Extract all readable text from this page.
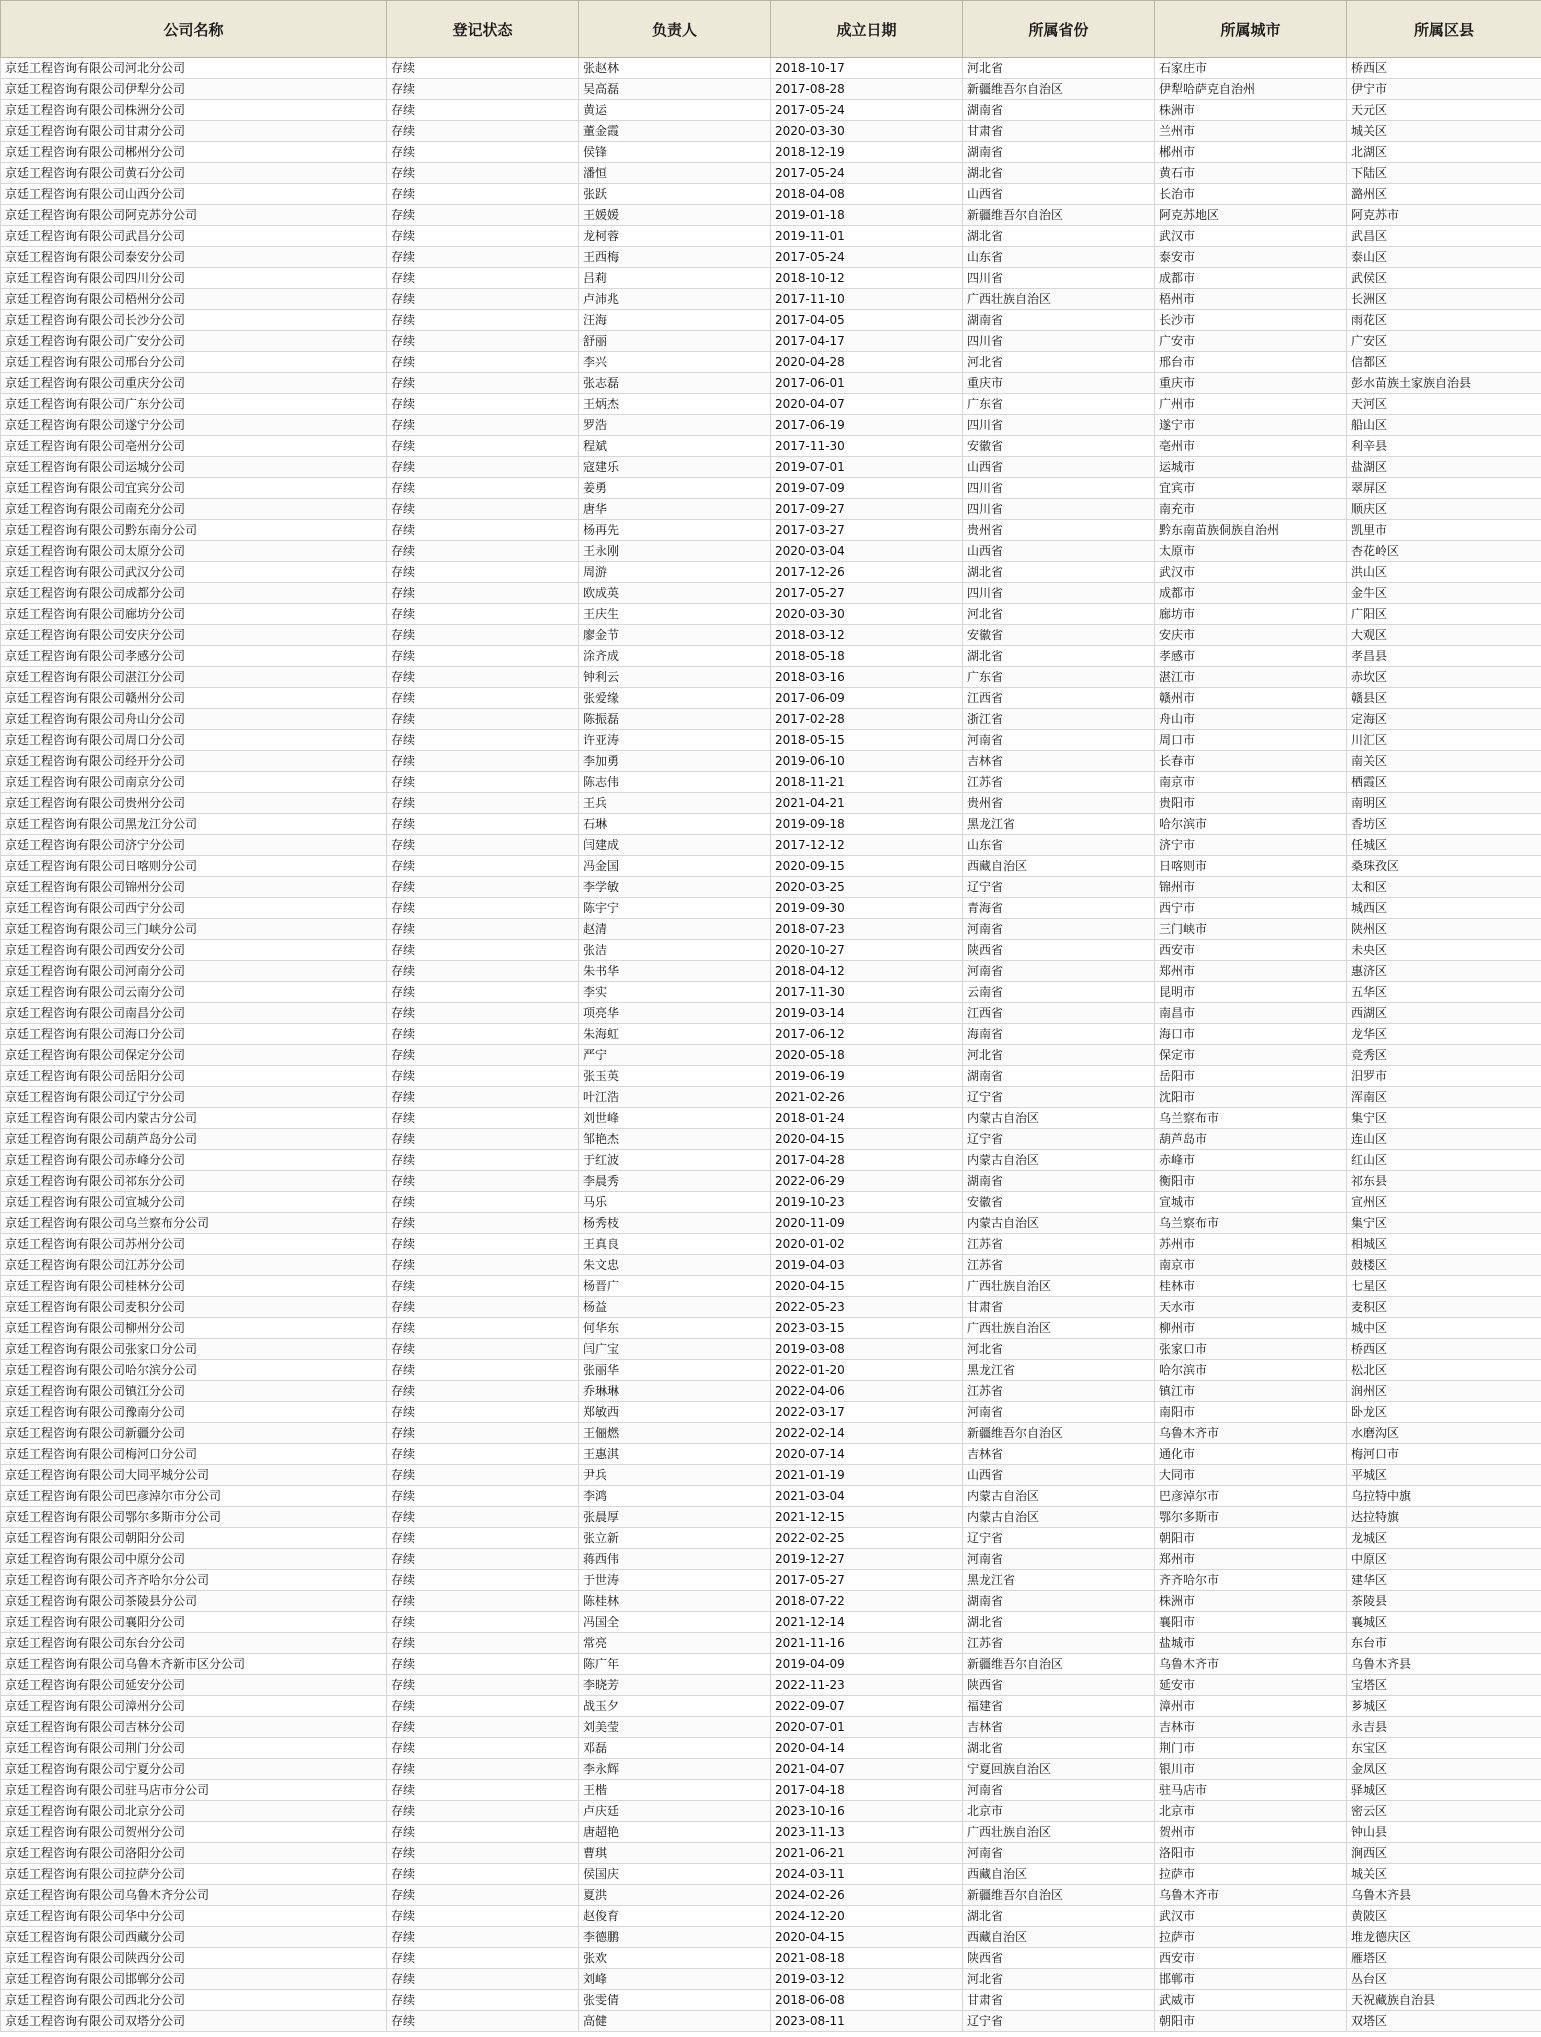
公司名称	登记状态	负责人	成立日期	所属省份	所属城市	所属区县
京廷工程咨询有限公司河北分公司	存续	张赵林	2018-10-17	河北省	石家庄市	桥西区
京廷工程咨询有限公司伊犁分公司	存续	吴高磊	2017-08-28	新疆维吾尔自治区	伊犁哈萨克自治州	伊宁市
京廷工程咨询有限公司株洲分公司	存续	黄运	2017-05-24	湖南省	株洲市	天元区
京廷工程咨询有限公司甘肃分公司	存续	董金霞	2020-03-30	甘肃省	兰州市	城关区
京廷工程咨询有限公司郴州分公司	存续	侯锋	2018-12-19	湖南省	郴州市	北湖区
京廷工程咨询有限公司黄石分公司	存续	潘恒	2017-05-24	湖北省	黄石市	下陆区
京廷工程咨询有限公司山西分公司	存续	张跃	2018-04-08	山西省	长治市	潞州区
京廷工程咨询有限公司阿克苏分公司	存续	王媛媛	2019-01-18	新疆维吾尔自治区	阿克苏地区	阿克苏市
京廷工程咨询有限公司武昌分公司	存续	龙柯蓉	2019-11-01	湖北省	武汉市	武昌区
京廷工程咨询有限公司泰安分公司	存续	王西梅	2017-05-24	山东省	泰安市	泰山区
京廷工程咨询有限公司四川分公司	存续	吕莉	2018-10-12	四川省	成都市	武侯区
京廷工程咨询有限公司梧州分公司	存续	卢沛兆	2017-11-10	广西壮族自治区	梧州市	长洲区
京廷工程咨询有限公司长沙分公司	存续	汪海	2017-04-05	湖南省	长沙市	雨花区
京廷工程咨询有限公司广安分公司	存续	舒丽	2017-04-17	四川省	广安市	广安区
京廷工程咨询有限公司邢台分公司	存续	李兴	2020-04-28	河北省	邢台市	信都区
京廷工程咨询有限公司重庆分公司	存续	张志磊	2017-06-01	重庆市	重庆市	彭水苗族土家族自治县
京廷工程咨询有限公司广东分公司	存续	王炳杰	2020-04-07	广东省	广州市	天河区
京廷工程咨询有限公司遂宁分公司	存续	罗浩	2017-06-19	四川省	遂宁市	船山区
京廷工程咨询有限公司亳州分公司	存续	程斌	2017-11-30	安徽省	亳州市	利辛县
京廷工程咨询有限公司运城分公司	存续	寇建乐	2019-07-01	山西省	运城市	盐湖区
京廷工程咨询有限公司宜宾分公司	存续	姜勇	2019-07-09	四川省	宜宾市	翠屏区
京廷工程咨询有限公司南充分公司	存续	唐华	2017-09-27	四川省	南充市	顺庆区
京廷工程咨询有限公司黔东南分公司	存续	杨再先	2017-03-27	贵州省	黔东南苗族侗族自治州	凯里市
京廷工程咨询有限公司太原分公司	存续	王永刚	2020-03-04	山西省	太原市	杏花岭区
京廷工程咨询有限公司武汉分公司	存续	周游	2017-12-26	湖北省	武汉市	洪山区
京廷工程咨询有限公司成都分公司	存续	欧成英	2017-05-27	四川省	成都市	金牛区
京廷工程咨询有限公司廊坊分公司	存续	王庆生	2020-03-30	河北省	廊坊市	广阳区
京廷工程咨询有限公司安庆分公司	存续	廖金节	2018-03-12	安徽省	安庆市	大观区
京廷工程咨询有限公司孝感分公司	存续	涂齐成	2018-05-18	湖北省	孝感市	孝昌县
京廷工程咨询有限公司湛江分公司	存续	钟利云	2018-03-16	广东省	湛江市	赤坎区
京廷工程咨询有限公司赣州分公司	存续	张爱缘	2017-06-09	江西省	赣州市	赣县区
京廷工程咨询有限公司舟山分公司	存续	陈振磊	2017-02-28	浙江省	舟山市	定海区
京廷工程咨询有限公司周口分公司	存续	许亚涛	2018-05-15	河南省	周口市	川汇区
京廷工程咨询有限公司经开分公司	存续	李加勇	2019-06-10	吉林省	长春市	南关区
京廷工程咨询有限公司南京分公司	存续	陈志伟	2018-11-21	江苏省	南京市	栖霞区
京廷工程咨询有限公司贵州分公司	存续	王兵	2021-04-21	贵州省	贵阳市	南明区
京廷工程咨询有限公司黑龙江分公司	存续	石琳	2019-09-18	黑龙江省	哈尔滨市	香坊区
京廷工程咨询有限公司济宁分公司	存续	闫建成	2017-12-12	山东省	济宁市	任城区
京廷工程咨询有限公司日喀则分公司	存续	冯金国	2020-09-15	西藏自治区	日喀则市	桑珠孜区
京廷工程咨询有限公司锦州分公司	存续	李学敏	2020-03-25	辽宁省	锦州市	太和区
京廷工程咨询有限公司西宁分公司	存续	陈宇宁	2019-09-30	青海省	西宁市	城西区
京廷工程咨询有限公司三门峡分公司	存续	赵清	2018-07-23	河南省	三门峡市	陕州区
京廷工程咨询有限公司西安分公司	存续	张洁	2020-10-27	陕西省	西安市	未央区
京廷工程咨询有限公司河南分公司	存续	朱书华	2018-04-12	河南省	郑州市	惠济区
京廷工程咨询有限公司云南分公司	存续	李实	2017-11-30	云南省	昆明市	五华区
京廷工程咨询有限公司南昌分公司	存续	项亮华	2019-03-14	江西省	南昌市	西湖区
京廷工程咨询有限公司海口分公司	存续	朱海虹	2017-06-12	海南省	海口市	龙华区
京廷工程咨询有限公司保定分公司	存续	严宁	2020-05-18	河北省	保定市	竞秀区
京廷工程咨询有限公司岳阳分公司	存续	张玉英	2019-06-19	湖南省	岳阳市	汨罗市
京廷工程咨询有限公司辽宁分公司	存续	叶江浩	2021-02-26	辽宁省	沈阳市	浑南区
京廷工程咨询有限公司内蒙古分公司	存续	刘世峰	2018-01-24	内蒙古自治区	乌兰察布市	集宁区
京廷工程咨询有限公司葫芦岛分公司	存续	邹艳杰	2020-04-15	辽宁省	葫芦岛市	连山区
京廷工程咨询有限公司赤峰分公司	存续	于红波	2017-04-28	内蒙古自治区	赤峰市	红山区
京廷工程咨询有限公司祁东分公司	存续	李晨秀	2022-06-29	湖南省	衡阳市	祁东县
京廷工程咨询有限公司宣城分公司	存续	马乐	2019-10-23	安徽省	宣城市	宣州区
京廷工程咨询有限公司乌兰察布分公司	存续	杨秀枝	2020-11-09	内蒙古自治区	乌兰察布市	集宁区
京廷工程咨询有限公司苏州分公司	存续	王真良	2020-01-02	江苏省	苏州市	相城区
京廷工程咨询有限公司江苏分公司	存续	朱文忠	2019-04-03	江苏省	南京市	鼓楼区
京廷工程咨询有限公司桂林分公司	存续	杨晋广	2020-04-15	广西壮族自治区	桂林市	七星区
京廷工程咨询有限公司麦积分公司	存续	杨益	2022-05-23	甘肃省	天水市	麦积区
京廷工程咨询有限公司柳州分公司	存续	何华东	2023-03-15	广西壮族自治区	柳州市	城中区
京廷工程咨询有限公司张家口分公司	存续	闫广宝	2019-03-08	河北省	张家口市	桥西区
京廷工程咨询有限公司哈尔滨分公司	存续	张丽华	2022-01-20	黑龙江省	哈尔滨市	松北区
京廷工程咨询有限公司镇江分公司	存续	乔琳琳	2022-04-06	江苏省	镇江市	润州区
京廷工程咨询有限公司豫南分公司	存续	郑敏西	2022-03-17	河南省	南阳市	卧龙区
京廷工程咨询有限公司新疆分公司	存续	王俪燃	2022-02-14	新疆维吾尔自治区	乌鲁木齐市	水磨沟区
京廷工程咨询有限公司梅河口分公司	存续	王惠淇	2020-07-14	吉林省	通化市	梅河口市
京廷工程咨询有限公司大同平城分公司	存续	尹兵	2021-01-19	山西省	大同市	平城区
京廷工程咨询有限公司巴彦淖尔市分公司	存续	李鸿	2021-03-04	内蒙古自治区	巴彦淖尔市	乌拉特中旗
京廷工程咨询有限公司鄂尔多斯市分公司	存续	张晨厚	2021-12-15	内蒙古自治区	鄂尔多斯市	达拉特旗
京廷工程咨询有限公司朝阳分公司	存续	张立新	2022-02-25	辽宁省	朝阳市	龙城区
京廷工程咨询有限公司中原分公司	存续	蒋西伟	2019-12-27	河南省	郑州市	中原区
京廷工程咨询有限公司齐齐哈尔分公司	存续	于世涛	2017-05-27	黑龙江省	齐齐哈尔市	建华区
京廷工程咨询有限公司茶陵县分公司	存续	陈桂林	2018-07-22	湖南省	株洲市	茶陵县
京廷工程咨询有限公司襄阳分公司	存续	冯国全	2021-12-14	湖北省	襄阳市	襄城区
京廷工程咨询有限公司东台分公司	存续	常亮	2021-11-16	江苏省	盐城市	东台市
京廷工程咨询有限公司乌鲁木齐新市区分公司	存续	陈广年	2019-04-09	新疆维吾尔自治区	乌鲁木齐市	乌鲁木齐县
京廷工程咨询有限公司延安分公司	存续	李晓芳	2022-11-23	陕西省	延安市	宝塔区
京廷工程咨询有限公司漳州分公司	存续	战玉夕	2022-09-07	福建省	漳州市	芗城区
京廷工程咨询有限公司吉林分公司	存续	刘美莹	2020-07-01	吉林省	吉林市	永吉县
京廷工程咨询有限公司荆门分公司	存续	邓磊	2020-04-14	湖北省	荆门市	东宝区
京廷工程咨询有限公司宁夏分公司	存续	李永辉	2021-04-07	宁夏回族自治区	银川市	金凤区
京廷工程咨询有限公司驻马店市分公司	存续	王楷	2017-04-18	河南省	驻马店市	驿城区
京廷工程咨询有限公司北京分公司	存续	卢庆廷	2023-10-16	北京市	北京市	密云区
京廷工程咨询有限公司贺州分公司	存续	唐超艳	2023-11-13	广西壮族自治区	贺州市	钟山县
京廷工程咨询有限公司洛阳分公司	存续	曹琪	2021-06-21	河南省	洛阳市	涧西区
京廷工程咨询有限公司拉萨分公司	存续	侯国庆	2024-03-11	西藏自治区	拉萨市	城关区
京廷工程咨询有限公司乌鲁木齐分公司	存续	夏洪	2024-02-26	新疆维吾尔自治区	乌鲁木齐市	乌鲁木齐县
京廷工程咨询有限公司华中分公司	存续	赵俊育	2024-12-20	湖北省	武汉市	黄陂区
京廷工程咨询有限公司西藏分公司	存续	李德鹏	2020-04-15	西藏自治区	拉萨市	堆龙德庆区
京廷工程咨询有限公司陕西分公司	存续	张欢	2021-08-18	陕西省	西安市	雁塔区
京廷工程咨询有限公司邯郸分公司	存续	刘峰	2019-03-12	河北省	邯郸市	丛台区
京廷工程咨询有限公司西北分公司	存续	张雯倩	2018-06-08	甘肃省	武威市	天祝藏族自治县
京廷工程咨询有限公司双塔分公司	存续	高健	2023-08-11	辽宁省	朝阳市	双塔区
